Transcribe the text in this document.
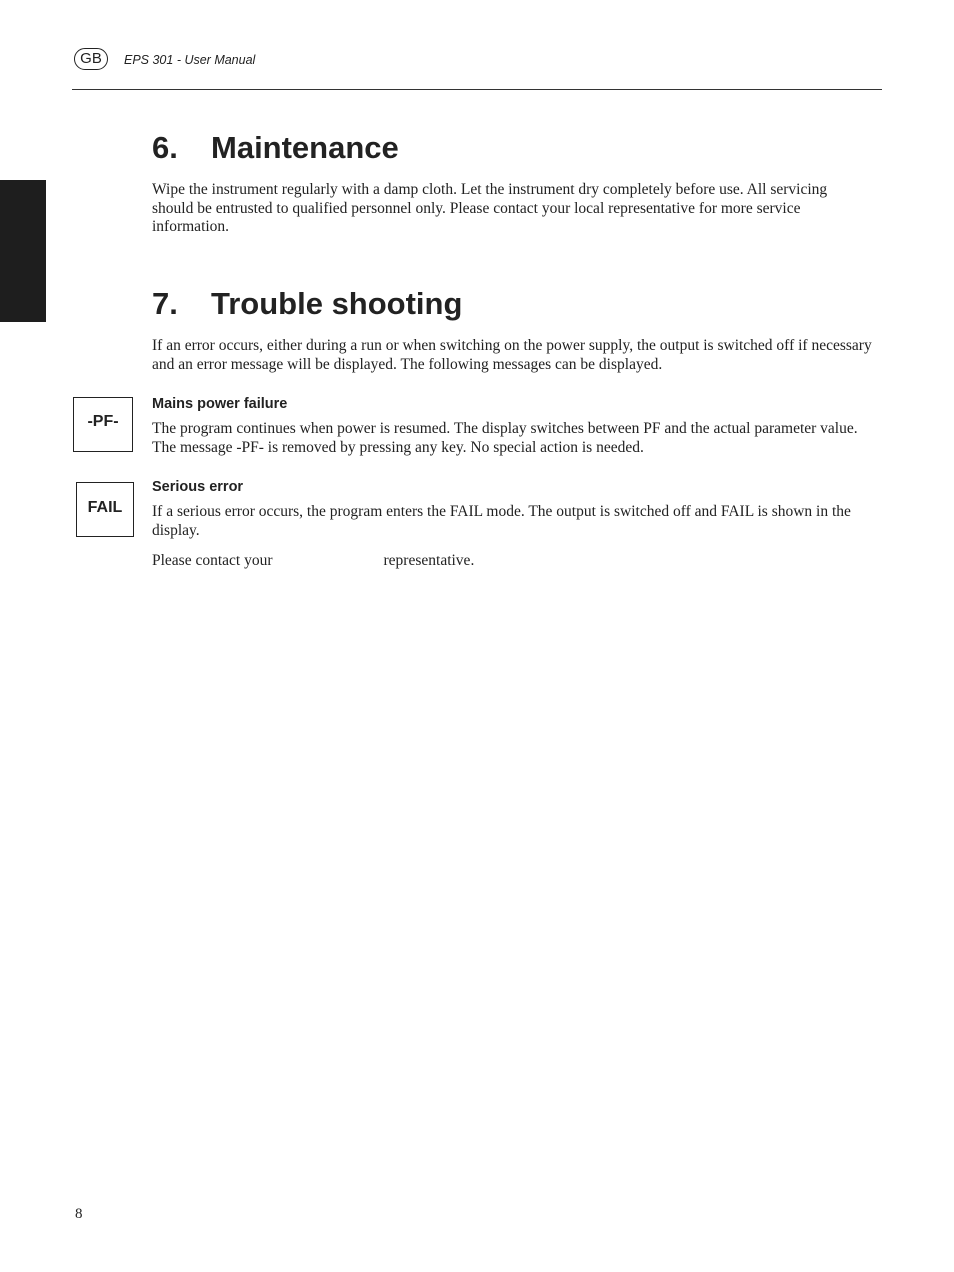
GB	EPS 301 - User Manual
6. Maintenance

Wipe the instrument regularly with a damp cloth. Let the instrument dry completely before use. All servicing should be entrusted to qualified personnel only. Please contact your local representative for more service information.

7. Trouble shooting

If an error occurs, either during a run or when switching on the power supply, the output is switched off if necessary and an error message will be displayed. The following messages can be displayed.

-PF-
Mains power failure

The program continues when power is resumed. The display switches between PF and the actual parameter value. The message -PF- is removed by pressing any key. No special action is needed.

FAIL
Serious error

If a serious error occurs, the program enters the FAIL mode. The output is switched off and FAIL is shown in the display.

Please contact your	representative.

8
